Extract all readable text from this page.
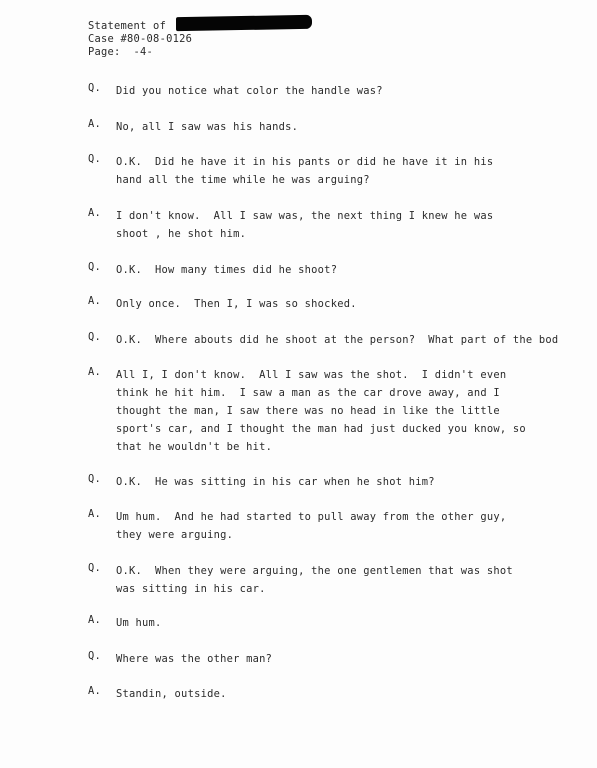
Statement of
Case #80-08-0126
Page:  -4-
Q.	Did you notice what color the handle was?
A.	No, all I saw was his hands.
Q.	O.K.  Did he have it in his pants or did he have it in his
hand all the time while he was arguing?
A.	I don't know.  All I saw was, the next thing I knew he was
shoot , he shot him.
Q.	O.K.  How many times did he shoot?
A.	Only once.  Then I, I was so shocked.
Q.	O.K.  Where abouts did he shoot at the person?  What part of the bod
A.	All I, I don't know.  All I saw was the shot.  I didn't even
think he hit him.  I saw a man as the car drove away, and I
thought the man, I saw there was no head in like the little
sport's car, and I thought the man had just ducked you know, so
that he wouldn't be hit.
Q.	O.K.  He was sitting in his car when he shot him?
A.	Um hum.  And he had started to pull away from the other guy,
they were arguing.
Q.	O.K.  When they were arguing, the one gentlemen that was shot
was sitting in his car.
A.	Um hum.
Q.	Where was the other man?
A.	Standin, outside.
